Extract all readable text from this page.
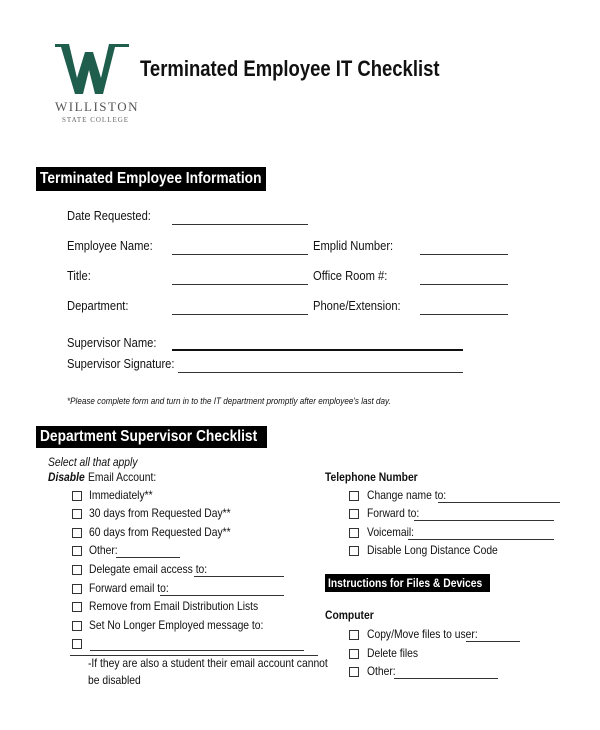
WILLISTON
STATE COLLEGE
Terminated Employee IT Checklist
Terminated Employee Information
Date Requested:
Employee Name:
Title:
Department:
Emplid Number:
Office Room #:
Phone/Extension:
Supervisor Name:
Supervisor Signature:
*Please complete form and turn in to the IT department promptly after employee's last day.
Department Supervisor Checklist
Select all that apply
Disable Email Account:
Immediately**
30 days from Requested Day**
60 days from Requested Day**
Other:
Delegate email access to:
Forward email to:
Remove from Email Distribution Lists
Set No Longer Employed message to:
-If they are also a student their email account cannot
be disabled
Telephone Number
Change name to:
Forward to:
Voicemail:
Disable Long Distance Code
Instructions for Files & Devices
Computer
Copy/Move files to user:
Delete files
Other:
